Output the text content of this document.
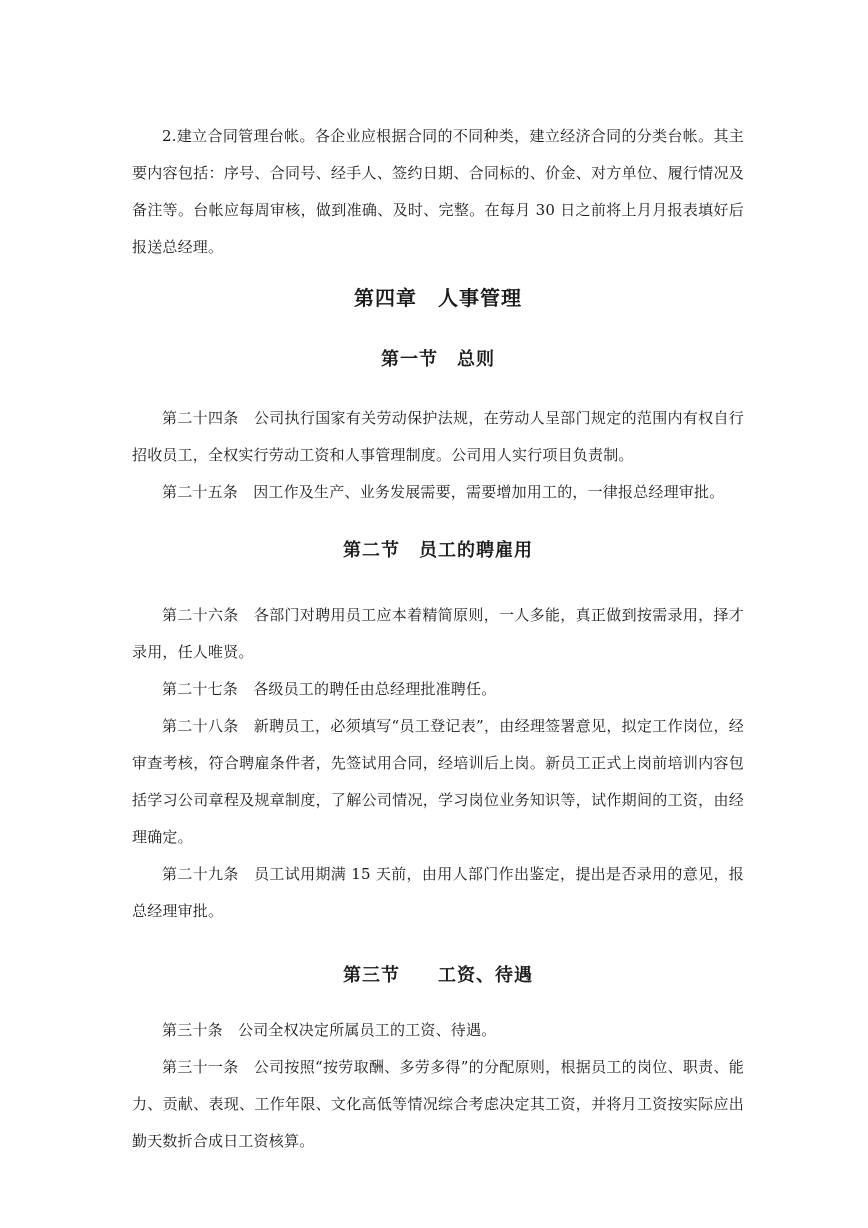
2.建立合同管理台帐。各企业应根据合同的不同种类，建立经济合同的分类台帐。其主要内容包括：序号、合同号、经手人、签约日期、合同标的、价金、对方单位、履行情况及备注等。台帐应每周审核，做到准确、及时、完整。在每月 30 日之前将上月月报表填好后报送总经理。

第四章　人事管理
第一节　总则

第二十四条　公司执行国家有关劳动保护法规，在劳动人呈部门规定的范围内有权自行招收员工，全权实行劳动工资和人事管理制度。公司用人实行项目负责制。

第二十五条　因工作及生产、业务发展需要，需要增加用工的，一律报总经理审批。

第二节　员工的聘雇用

第二十六条　各部门对聘用员工应本着精简原则，一人多能，真正做到按需录用，择才录用，任人唯贤。

第二十七条　各级员工的聘任由总经理批准聘任。

第二十八条　新聘员工，必须填写“员工登记表”，由经理签署意见，拟定工作岗位，经审查考核，符合聘雇条件者，先签试用合同，经培训后上岗。新员工正式上岗前培训内容包括学习公司章程及规章制度，了解公司情况，学习岗位业务知识等，试作期间的工资，由经理确定。

第二十九条　员工试用期满 15 天前，由用人部门作出鉴定，提出是否录用的意见，报总经理审批。

第三节　　工资、待遇

第三十条　公司全权决定所属员工的工资、待遇。

第三十一条　公司按照“按劳取酬、多劳多得”的分配原则，根据员工的岗位、职责、能力、贡献、表现、工作年限、文化高低等情况综合考虑决定其工资，并将月工资按实际应出勤天数折合成日工资核算。
